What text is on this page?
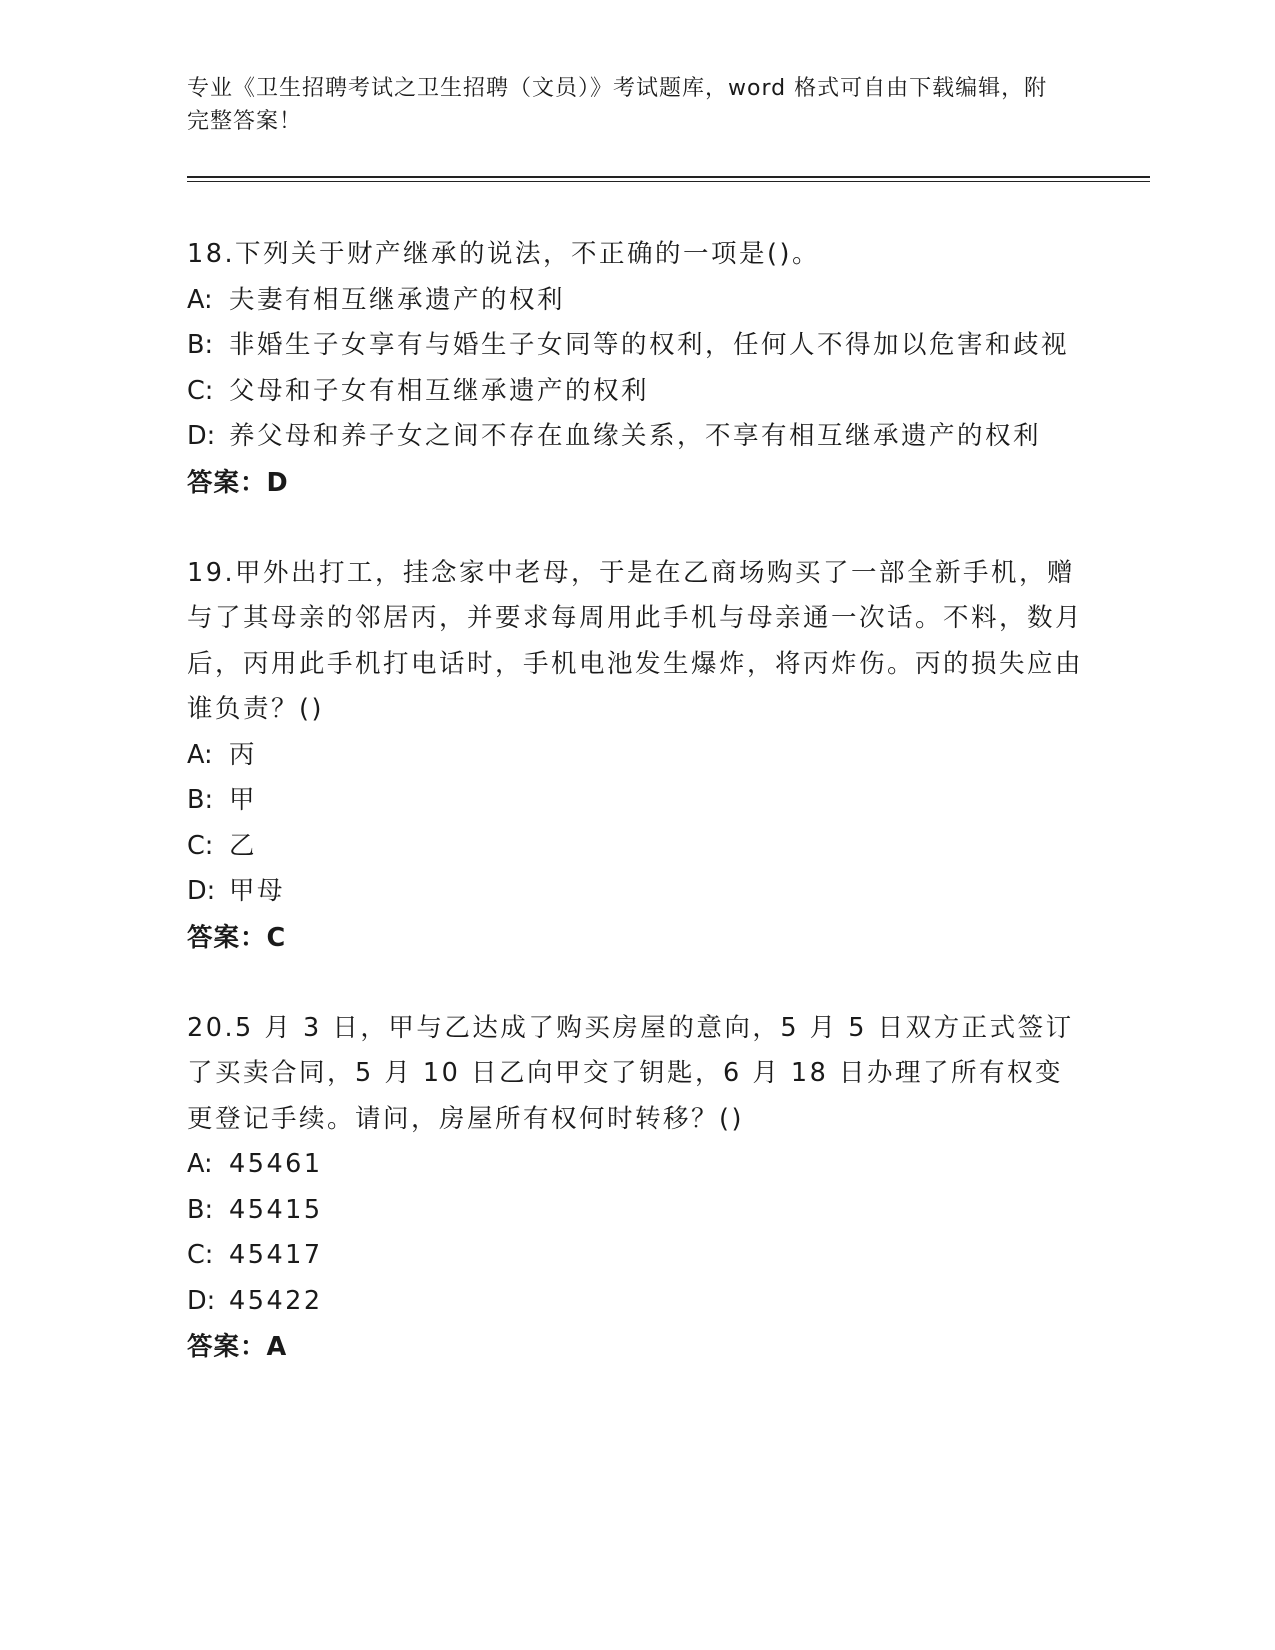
专业《卫生招聘考试之卫生招聘（文员）》考试题库，word 格式可自由下载编辑，附完整答案！

18.下列关于财产继承的说法，不正确的一项是()。

A: 夫妻有相互继承遗产的权利

B: 非婚生子女享有与婚生子女同等的权利，任何人不得加以危害和歧视

C: 父母和子女有相互继承遗产的权利

D: 养父母和养子女之间不存在血缘关系，不享有相互继承遗产的权利

答案：D

19.甲外出打工，挂念家中老母，于是在乙商场购买了一部全新手机，赠与了其母亲的邻居丙，并要求每周用此手机与母亲通一次话。不料，数月后，丙用此手机打电话时，手机电池发生爆炸，将丙炸伤。丙的损失应由谁负责？()

A: 丙

B: 甲

C: 乙

D: 甲母

答案：C

20.5 月 3 日，甲与乙达成了购买房屋的意向，5 月 5 日双方正式签订了买卖合同，5 月 10 日乙向甲交了钥匙，6 月 18 日办理了所有权变更登记手续。请问，房屋所有权何时转移？()

A: 45461

B: 45415

C: 45417

D: 45422

答案：A
